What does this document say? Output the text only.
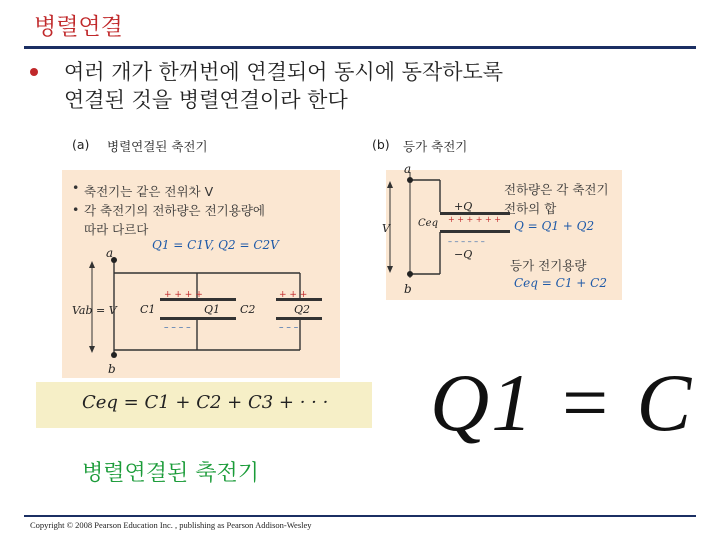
병렬연결
여러 개가 한꺼번에 연결되어 동시에 동작하도록
연결된 것을 병렬연결이라 한다
(a) 병렬연결된 축전기
• 축전기는 같은 전위차 V
• 각 축전기의 전하량은 전기용량에
따라 다르다
Q1 = C1V, Q2 = C2V
a
b
Vab = V C1	Q1 C2	Q2
+ + + +
– – – –
+ + +
– – –
(b) 등가 축전기
a
b
V	Ceq
+Q
−Q
+ + + + + +
– – – – – –
전하량은 각 축전기
전하의 합
Q = Q1 + Q2
등가 전기용량
Ceq = C1 + C2
Ceq = C1 + C2 + C3 + · · · Q1 = C
병렬연결된 축전기
Copyright © 2008 Pearson Education Inc. , publishing as Pearson Addison-Wesley
